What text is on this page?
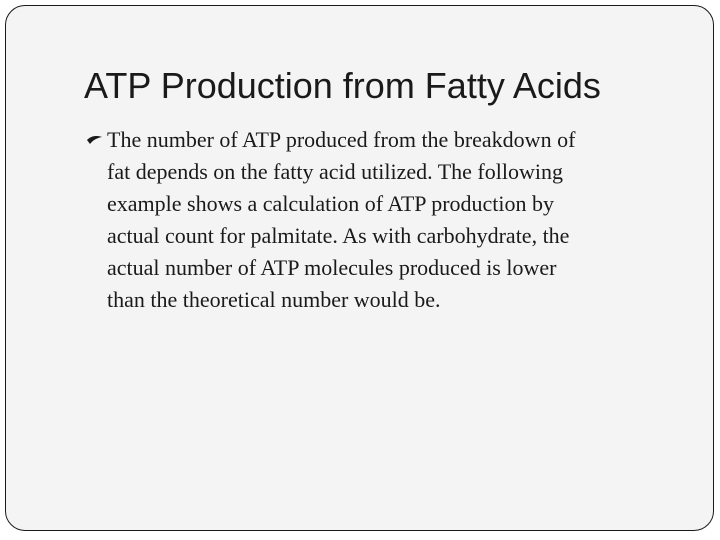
ATP Production from Fatty Acids
The number of ATP produced from the breakdown of
fat depends on the fatty acid utilized. The following
example shows a calculation of ATP production by
actual count for palmitate. As with carbohydrate, the
actual number of ATP molecules produced is lower
than the theoretical number would be.
